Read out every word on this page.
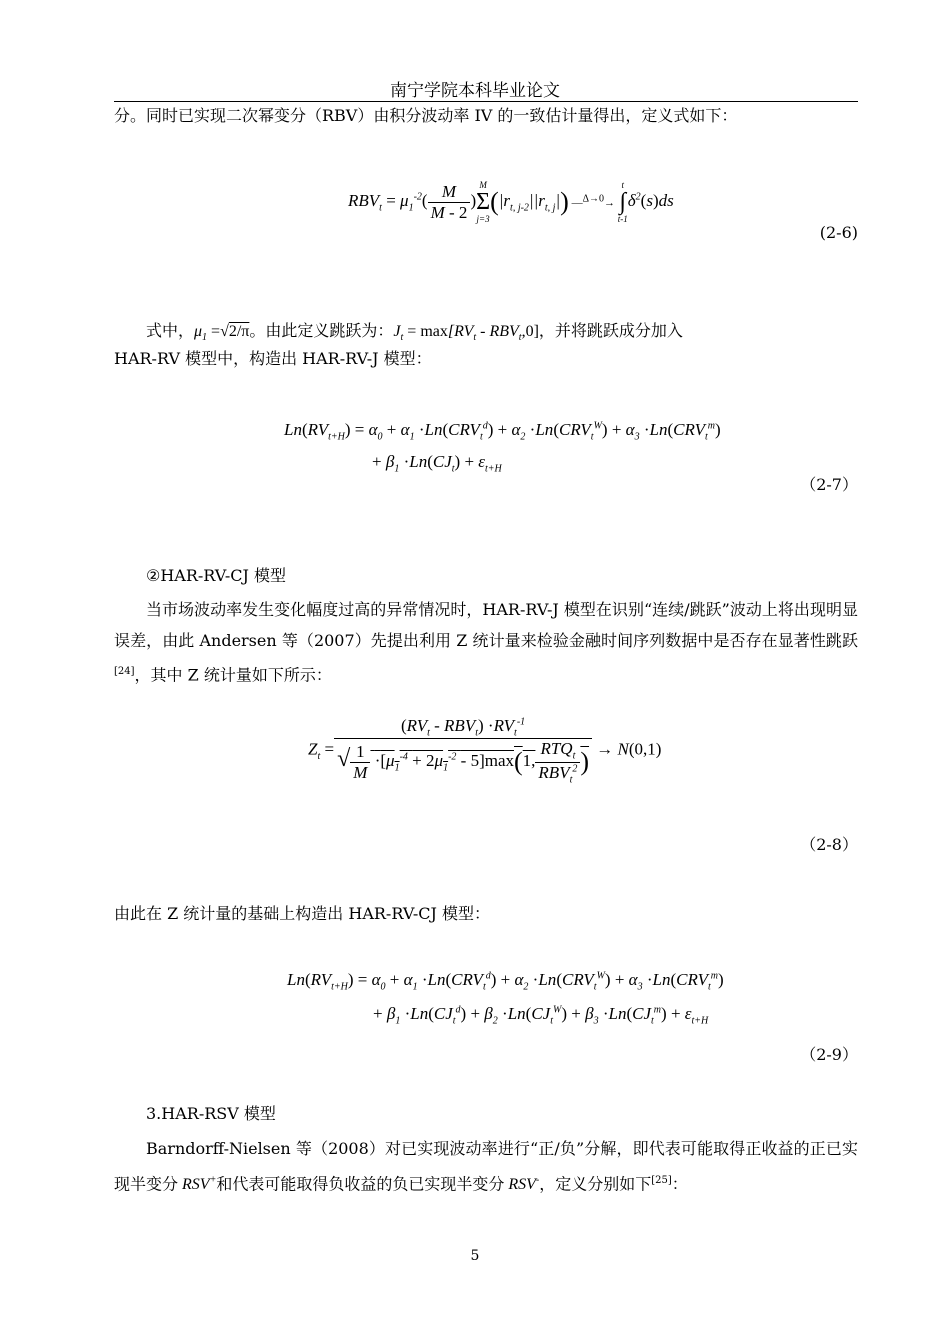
南宁学院本科毕业论文
分。同时已实现二次幂变分（RBV）由积分波动率 IV 的一致估计量得出，定义式如下：
$RBV_t = \mu_1^{-2}( \frac{M}{M - 2}$ )
M
Σ
j=3
$(|r_{t, j-2}||r_{t, j}|)$ —$^{\Delta\to 0}$→
t
∫
t-1
$\delta^2(s)ds$
(2-6)
式中，$\mu_1 =√2/\pi$。由此定义跳跃为：$J_t = \max[RV_t - RBV_t,0]$，并将跳跃成分加入
HAR-RV 模型中，构造出 HAR-RV-J 模型：
$Ln(RV_{t+H}) = \alpha_0 + \alpha_1 \cdot Ln(CRV_t^d) + \alpha_2 \cdot Ln(CRV_t^W) + \alpha_3 \cdot Ln(CRV_t^m)$
+ $\beta_1 \cdot Ln(CJ_t) + \varepsilon_{t+H}$
（2-7）
②HAR-RV-CJ 模型
当市场波动率发生变化幅度过高的异常情况时，HAR-RV-J 模型在识别“连续/跳跃”波动上将出现明显误差，由此 Andersen 等（2007）先提出利用 Z 统计量来检验金融时间序列数据中是否存在显著性跳跃[24]，其中 Z 统计量如下所示：
$Z_t = \frac{(RV_t - RBV_t) \cdot RV_t^{-1}}{√ \frac{1}{M} \cdot[\mu_1^{-4} + 2\mu_1^{-2} - 5]\max(1, \frac{RTQ_t}{RBV_t^2} )} \to N(0,1)$
（2-8）
由此在 Z 统计量的基础上构造出 HAR-RV-CJ 模型：
$Ln(RV_{t+H}) = \alpha_0 + \alpha_1 \cdot Ln(CRV_t^d) + \alpha_2 \cdot Ln(CRV_t^W) + \alpha_3 \cdot Ln(CRV_t^m)$
+ $\beta_1 \cdot Ln(CJ_t^d) + \beta_2 \cdot Ln(CJ_t^W) + \beta_3 \cdot Ln(CJ_t^m) + \varepsilon_{t+H}$
（2-9）
3.HAR-RSV 模型
Barndorff-Nielsen 等（2008）对已实现波动率进行“正/负”分解，即代表可能取得正收益的正已实现半变分 RSV+和代表可能取得负收益的负已实现半变分 RSV-，定义分别如下[25]：
5
